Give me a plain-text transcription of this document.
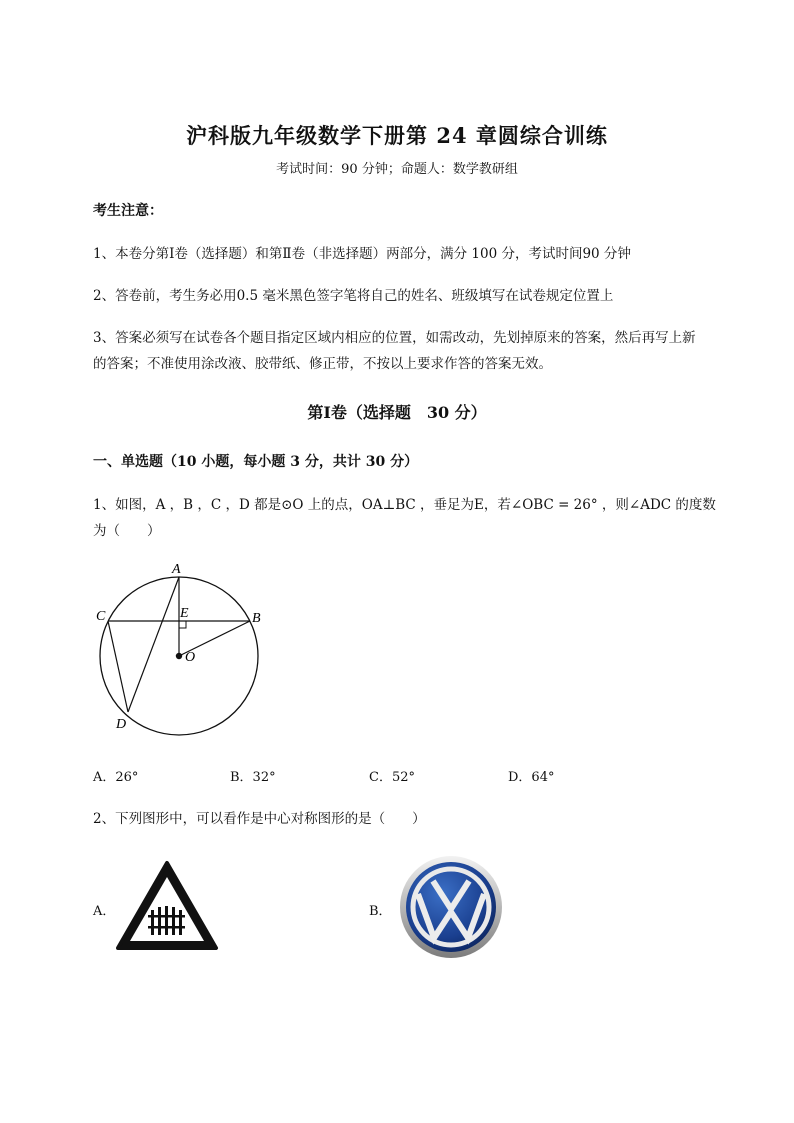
沪科版九年级数学下册第 24 章圆综合训练
考试时间：90 分钟；命题人：数学教研组
考生注意：
1、本卷分第Ⅰ卷（选择题）和第Ⅱ卷（非选择题）两部分，满分 100 分，考试时间90 分钟
2、答卷前，考生务必用0.5 毫米黑色签字笔将自己的姓名、班级填写在试卷规定位置上
3、答案必须写在试卷各个题目指定区域内相应的位置，如需改动，先划掉原来的答案，然后再写上新
的答案；不准使用涂改液、胶带纸、修正带，不按以上要求作答的答案无效。
第Ⅰ卷（选择题　30 分）
一、单选题（10 小题，每小题 3 分，共计 30 分）
1、如图，A ，B ，C ，D 都是⊙O 上的点，OA⊥BC ，垂足为E，若∠OBC = 26° ，则∠ADC 的度数
为（　　）
A
B
C
D
E
O
A．26°	B．32°	C．52°	D．64°
2、下列图形中，可以看作是中心对称图形的是（　　）
A．	B．
